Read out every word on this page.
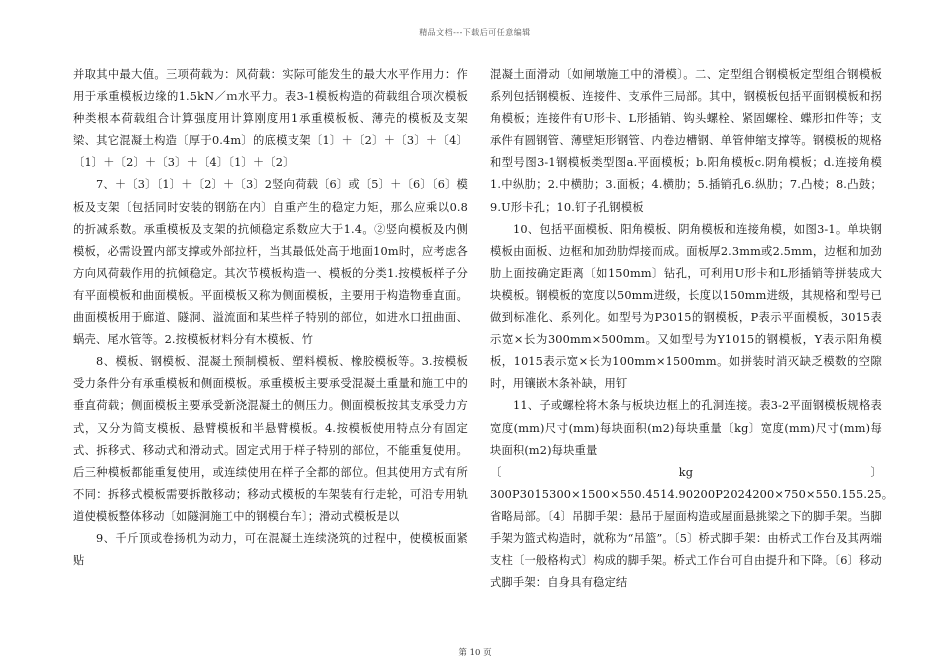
精品文档---下载后可任意编辑

并取其中最大值。三项荷载为：风荷载：实际可能发生的最大水平作用力：作用于承重模板边缘的1.5kN／ｍ水平力。表3-1模板构造的荷载组合项次模板种类根本荷载组合计算强度用计算刚度用1承重模板板、薄壳的模板及支架梁、其它混凝土构造〔厚于0.4m〕的底模支架〔1〕＋〔2〕＋〔3〕＋〔4〕〔1〕＋〔2〕＋〔3〕＋〔4〕〔1〕＋〔2〕

7、＋〔3〕〔1〕＋〔2〕＋〔3〕2竖向荷载〔6〕或〔5〕＋〔6〕〔6〕模板及支架〔包括同时安装的钢筋在内〕自重产生的稳定力矩，那么应乘以0.8的折减系数。承重模板及支架的抗倾稳定系数应大于1.4。②竖向模板及内侧模板，必需设置内部支撑或外部拉杆，当其最低处高于地面10m时，应考虑各方向风荷载作用的抗倾稳定。其次节模板构造一、模板的分类1.按模板样子分有平面模板和曲面模板。平面模板又称为侧面模板，主要用于构造物垂直面。曲面模板用于廊道、隧洞、溢流面和某些样子特别的部位，如进水口扭曲面、蜗壳、尾水管等。2.按模板材料分有木模板、竹

8、模板、钢模板、混凝土预制模板、塑料模板、橡胶模板等。3.按模板受力条件分有承重模板和侧面模板。承重模板主要承受混凝土重量和施工中的垂直荷载；侧面模板主要承受新浇混凝土的侧压力。侧面模板按其支承受力方式，又分为简支模板、悬臂模板和半悬臂模板。4.按模板使用特点分有固定式、拆移式、移动式和滑动式。固定式用于样子特别的部位，不能重复使用。后三种模板都能重复使用，或连续使用在样子全都的部位。但其使用方式有所不同：拆移式模板需要拆散移动；移动式模板的车架装有行走轮，可沿专用轨道使模板整体移动〔如隧洞施工中的钢模台车〕；滑动式模板是以

9、千斤顶或卷扬机为动力，可在混凝土连续浇筑的过程中，使模板面紧贴

混凝土面滑动〔如闸墩施工中的滑模〕。二、定型组合钢模板定型组合钢模板系列包括钢模板、连接件、支承件三局部。其中，钢模板包括平面钢模板和拐角模板；连接件有U形卡、L形插销、钩头螺栓、紧固螺栓、蝶形扣件等；支承件有圆钢管、薄壁矩形钢管、内卷边槽钢、单管伸缩支撑等。钢模板的规格和型号图3-1钢模板类型图a.平面模板；b.阳角模板c.阴角模板；d.连接角模1.中纵肋；2.中横肋；3.面板；4.横肋；5.插销孔6.纵肋；7.凸棱；8.凸鼓；9.U形卡孔；10.钉子孔钢模板

10、包括平面模板、阳角模板、阴角模板和连接角模，如图3-1。单块钢模板由面板、边框和加劲肋焊接而成。面板厚2.3mm或2.5mm，边框和加劲肋上面按确定距离〔如150mm〕钻孔，可利用U形卡和L形插销等拼装成大块模板。钢模板的宽度以50mm进级，长度以150mm进级，其规格和型号已做到标准化、系列化。如型号为P3015的钢模板，P表示平面模板，3015表示宽×长为300mm×500mm。又如型号为Y1015的钢模板，Y表示阳角模板，1015表示宽×长为100mm×1500mm。如拼装时消灭缺乏模数的空隙时，用镶嵌木条补缺，用钉

11、子或螺栓将木条与板块边框上的孔洞连接。表3-2平面钢模板规格表宽度(mm)尺寸(mm)每块面积(m2)每块重量〔kg〕宽度(mm)尺寸(mm)每块面积(m2)每块重量

〔kg〕300P3015300×1500×550.4514.90200P2024200×750×550.155.25。省略局部。〔4〕吊脚手架：悬吊于屋面构造或屋面悬挑梁之下的脚手架。当脚手架为篮式构造时，就称为“吊篮”。〔5〕桥式脚手架：由桥式工作台及其两端支柱〔一般格构式〕构成的脚手架。桥式工作台可自由提升和下降。〔6〕移动式脚手架：自身具有稳定结

第 10 页
